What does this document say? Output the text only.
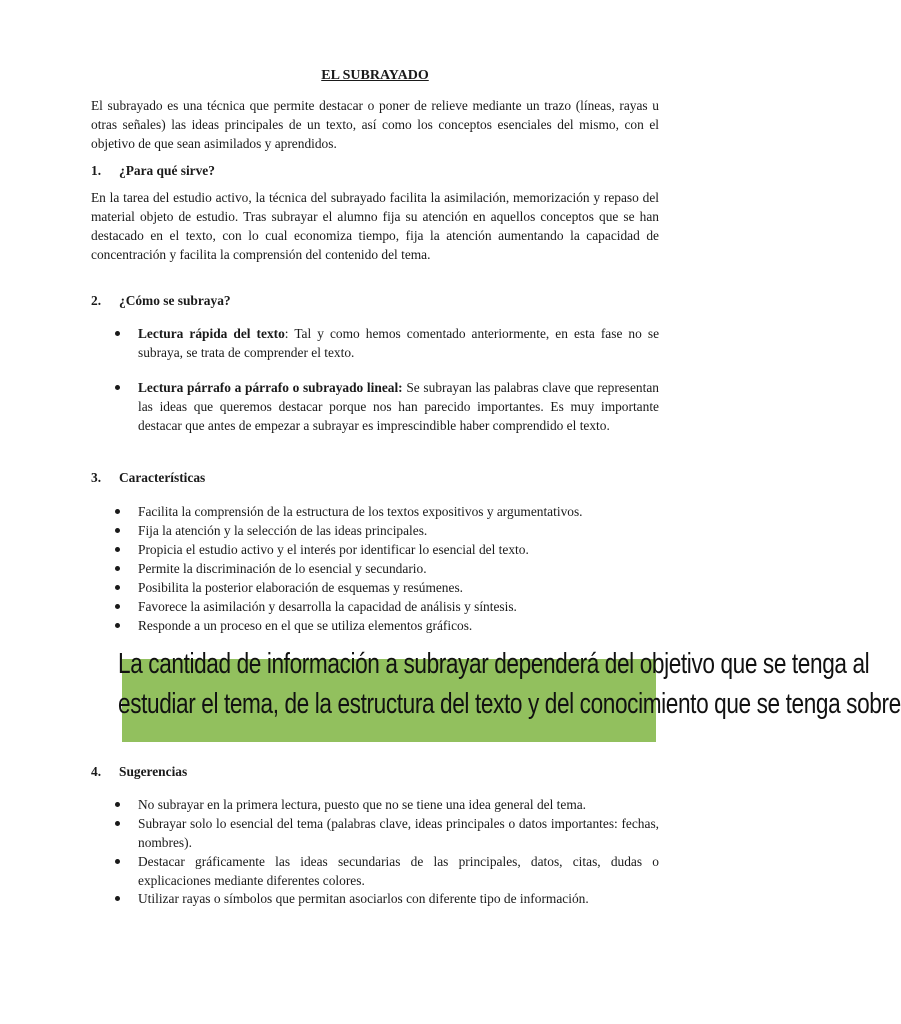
EL SUBRAYADO

El subrayado es una técnica que permite destacar o poner de relieve mediante un trazo (líneas, rayas u otras señales) las ideas principales de un texto, así como los conceptos esenciales del mismo, con el objetivo de que sean asimilados y aprendidos.

1. ¿Para qué sirve?

En la tarea del estudio activo, la técnica del subrayado facilita la asimilación, memorización y repaso del material objeto de estudio. Tras subrayar el alumno fija su atención en aquellos conceptos que se han destacado en el texto, con lo cual economiza tiempo, fija la atención aumentando la capacidad de concentración y facilita la comprensión del contenido del tema.

2. ¿Cómo se subraya?

Lectura rápida del texto: Tal y como hemos comentado anteriormente, en esta fase no se subraya, se trata de comprender el texto.
Lectura párrafo a párrafo o subrayado lineal: Se subrayan las palabras clave que representan las ideas que queremos destacar porque nos han parecido importantes. Es muy importante destacar que antes de empezar a subrayar es imprescindible haber comprendido el texto.

3. Características

Facilita la comprensión de la estructura de los textos expositivos y argumentativos.
Fija la atención y la selección de las ideas principales.
Propicia el estudio activo y el interés por identificar lo esencial del texto.
Permite la discriminación de lo esencial y secundario.
Posibilita la posterior elaboración de esquemas y resúmenes.
Favorece la asimilación y desarrolla la capacidad de análisis y síntesis.
Responde a un proceso en el que se utiliza elementos gráficos.

4. Sugerencias

No subrayar en la primera lectura, puesto que no se tiene una idea general del tema.
Subrayar solo lo esencial del tema (palabras clave, ideas principales o datos importantes: fechas, nombres).
Destacar gráficamente las ideas secundarias de las principales, datos, citas, dudas o explicaciones mediante diferentes colores.
Utilizar rayas o símbolos que permitan asociarlos con diferente tipo de información.
La cantidad de información a subrayar dependerá del objetivo que se tenga al
estudiar el tema, de la estructura del texto y del conocimiento que se tenga sobre
